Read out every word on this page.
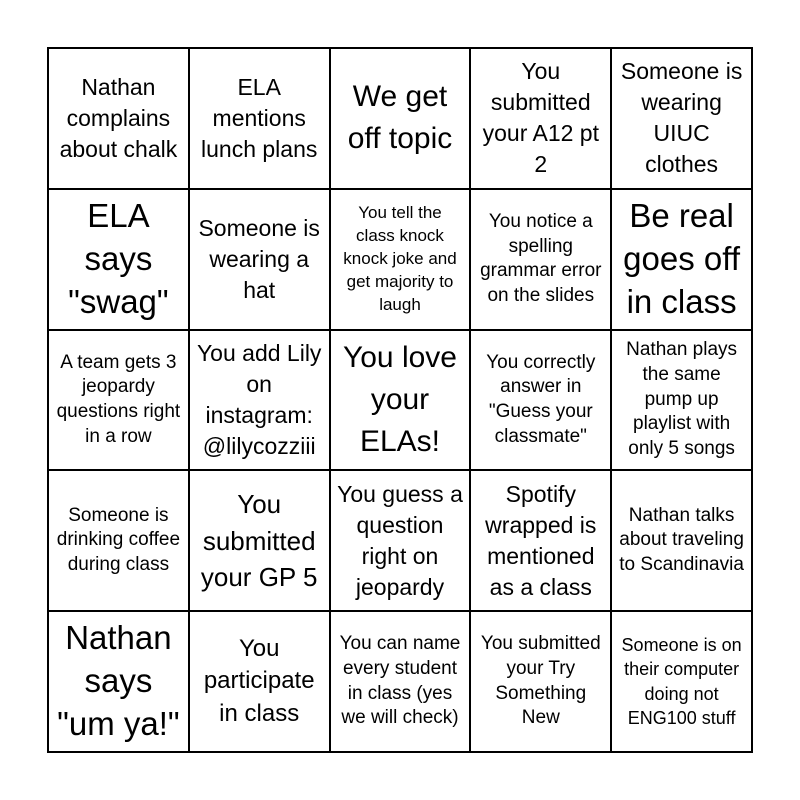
Nathan complains about chalk
ELA mentions lunch plans
We get off topic
You submitted your A12 pt 2
Someone is wearing UIUC clothes
ELA says "swag"
Someone is wearing a hat
You tell the class knock knock joke and get majority to laugh
You notice a spelling grammar error on the slides
Be real goes off in class
A team gets 3 jeopardy questions right in a row
You add Lily on instagram: @lilycozziii
You love your ELAs!
You correctly answer in "Guess your classmate"
Nathan plays the same pump up playlist with only 5 songs
Someone is drinking coffee during class
You submitted your GP 5
You guess a question right on jeopardy
Spotify wrapped is mentioned as a class
Nathan talks about traveling to Scandinavia
Nathan says "um ya!"
You participate in class
You can name every student in class (yes we will check)
You submitted your Try Something New
Someone is on their computer doing not ENG100 stuff
